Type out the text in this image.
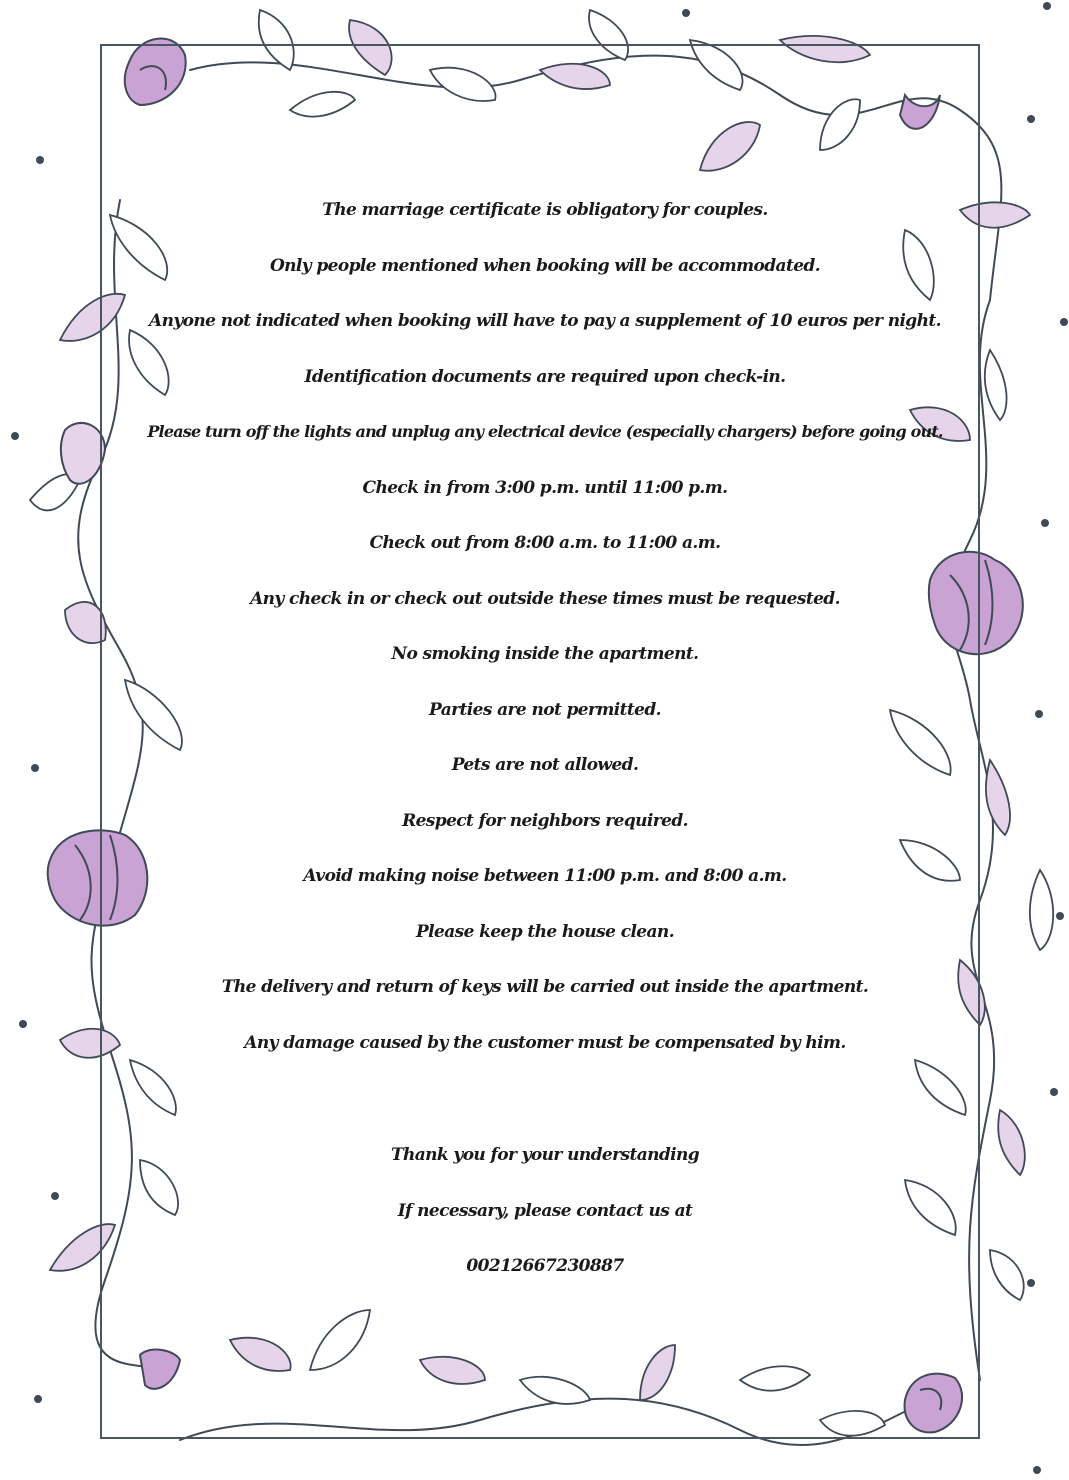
The marriage certificate is obligatory for couples.
Only people mentioned when booking will be accommodated.
Anyone not indicated when booking will have to pay a supplement of 10 euros per night.
Identification documents are required upon check-in.
Please turn off the lights and unplug any electrical device (especially chargers) before going out.
Check in from 3:00 p.m. until 11:00 p.m.
Check out from 8:00 a.m. to 11:00 a.m.
Any check in or check out outside these times must be requested.
No smoking inside the apartment.
Parties are not permitted.
Pets are not allowed.
Respect for neighbors required.
Avoid making noise between 11:00 p.m. and 8:00 a.m.
Please keep the house clean.
The delivery and return of keys will be carried out inside the apartment.
Any damage caused by the customer must be compensated by him.
Thank you for your understanding
If necessary, please contact us at
00212667230887
